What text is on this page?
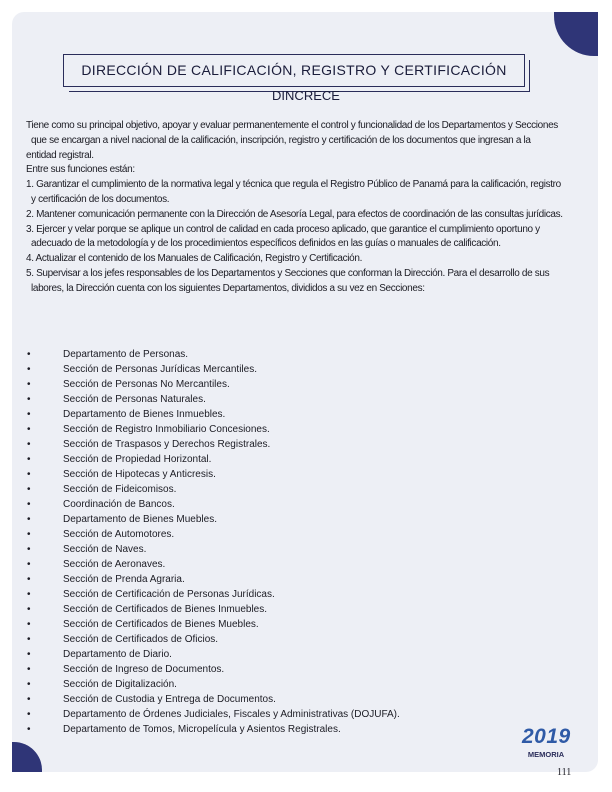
DIRECCIÓN DE CALIFICACIÓN, REGISTRO Y CERTIFICACIÓN
DINCRECE

Tiene como su principal objetivo, apoyar y evaluar permanentemente el control y funcionalidad de los Departamentos y Secciones

que se encargan a nivel nacional de la calificación, inscripción, registro y certificación de los documentos que ingresan a la

entidad registral.

Entre sus funciones están:

1. Garantizar el cumplimiento de la normativa legal y técnica que regula el Registro Público de Panamá para la calificación, registro

y certificación de los documentos.

2. Mantener comunicación permanente con la Dirección de Asesoría Legal, para efectos de coordinación de las consultas jurídicas.

3. Ejercer y velar porque se aplique un control de calidad en cada proceso aplicado, que garantice el cumplimiento oportuno y

adecuado de la metodología y de los procedimientos específicos definidos en las guías o manuales de calificación.

4. Actualizar el contenido de los Manuales de Calificación, Registro y Certificación.

5. Supervisar a los jefes responsables de los Departamentos y Secciones que conforman la Dirección. Para el desarrollo de sus

labores, la Dirección cuenta con los siguientes Departamentos, divididos a su vez en Secciones:

•	Departamento de Personas.
•	Sección de Personas Jurídicas Mercantiles.
•	Sección de Personas No Mercantiles.
•	Sección de Personas Naturales.
•	Departamento de Bienes Inmuebles.
•	Sección de Registro Inmobiliario Concesiones.
•	Sección de Traspasos y Derechos Registrales.
•	Sección de Propiedad Horizontal.
•	Sección de Hipotecas y Anticresis.
•	Sección de Fideicomisos.
•	Coordinación de Bancos.
•	Departamento de Bienes Muebles.
•	Sección de Automotores.
•	Sección de Naves.
•	Sección de Aeronaves.
•	Sección de Prenda Agraria.
•	Sección de Certificación de Personas Jurídicas.
•	Sección de Certificados de Bienes Inmuebles.
•	Sección de Certificados de Bienes Muebles.
•	Sección de Certificados de Oficios.
•	Departamento de Diario.
•	Sección de Ingreso de Documentos.
•	Sección de Digitalización.
•	Sección de Custodia y Entrega de Documentos.
•	Departamento de Órdenes Judiciales, Fiscales y Administrativas (DOJUFA).
•	Departamento de Tomos, Micropelícula y Asientos Registrales.	2019
MEMORIA
111
